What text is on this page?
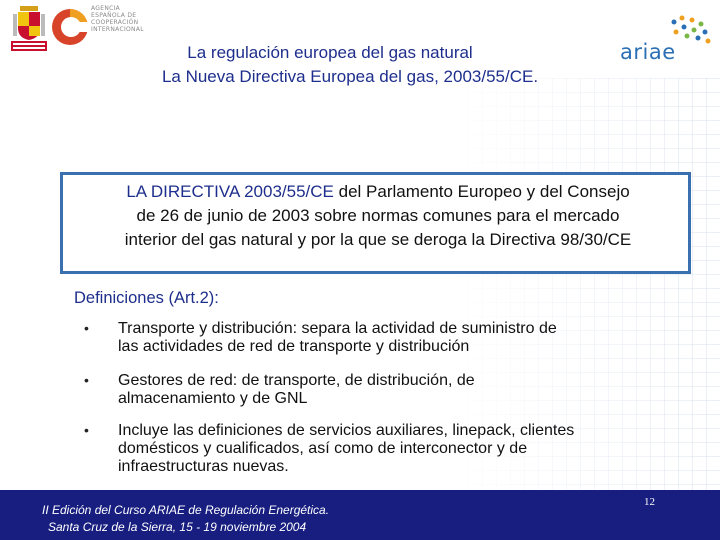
AGENCIA
ESPAÑOLA DE
COOPERACIÓN
INTERNACIONAL
La regulación europea del gas natural
La Nueva Directiva Europea del gas, 2003/55/CE.
ariae
LA DIRECTIVA 2003/55/CE del Parlamento Europeo y del Consejo
de 26 de junio de 2003 sobre normas comunes para el mercado
interior del gas natural y por la que se deroga la Directiva 98/30/CE
Definiciones (Art.2):
• Transporte y distribución: separa la actividad de suministro de
las actividades de red de transporte y distribución
• Gestores de red: de transporte, de distribución, de
almacenamiento y de GNL
• Incluye las definiciones de servicios auxiliares, linepack, clientes
domésticos y cualificados, así como de interconector y de
infraestructuras nuevas.
II Edición del Curso ARIAE de Regulación Energética.
Santa Cruz de la Sierra, 15 - 19 noviembre 2004
12
